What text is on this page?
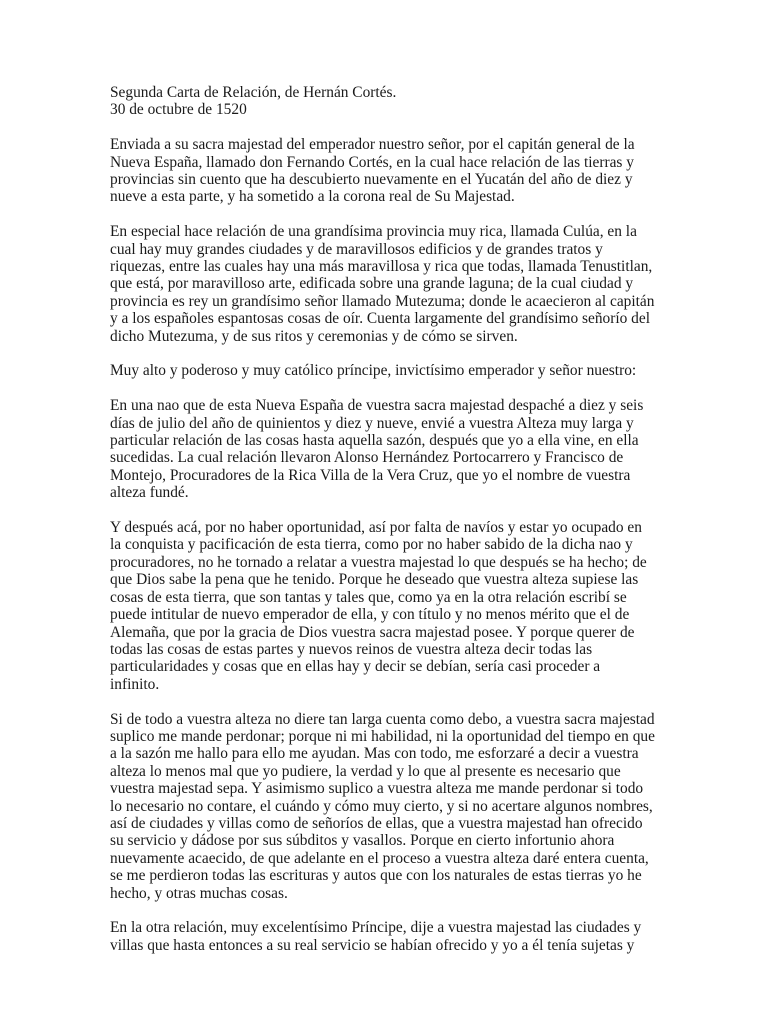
Segunda Carta de Relación, de Hernán Cortés.
30 de octubre de 1520
Enviada a su sacra majestad del emperador nuestro señor, por el capitán general de la
Nueva España, llamado don Fernando Cortés, en la cual hace relación de las tierras y
provincias sin cuento que ha descubierto nuevamente en el Yucatán del año de diez y
nueve a esta parte, y ha sometido a la corona real de Su Majestad.
En especial hace relación de una grandísima provincia muy rica, llamada Culúa, en la
cual hay muy grandes ciudades y de maravillosos edificios y de grandes tratos y
riquezas, entre las cuales hay una más maravillosa y rica que todas, llamada Tenustitlan,
que está, por maravilloso arte, edificada sobre una grande laguna; de la cual ciudad y
provincia es rey un grandísimo señor llamado Mutezuma; donde le acaecieron al capitán
y a los españoles espantosas cosas de oír. Cuenta largamente del grandísimo señorío del
dicho Mutezuma, y de sus ritos y ceremonias y de cómo se sirven.
Muy alto y poderoso y muy católico príncipe, invictísimo emperador y señor nuestro:
En una nao que de esta Nueva España de vuestra sacra majestad despaché a diez y seis
días de julio del año de quinientos y diez y nueve, envié a vuestra Alteza muy larga y
particular relación de las cosas hasta aquella sazón, después que yo a ella vine, en ella
sucedidas. La cual relación llevaron Alonso Hernández Portocarrero y Francisco de
Montejo, Procuradores de la Rica Villa de la Vera Cruz, que yo el nombre de vuestra
alteza fundé.
Y después acá, por no haber oportunidad, así por falta de navíos y estar yo ocupado en
la conquista y pacificación de esta tierra, como por no haber sabido de la dicha nao y
procuradores, no he tornado a relatar a vuestra majestad lo que después se ha hecho; de
que Dios sabe la pena que he tenido. Porque he deseado que vuestra alteza supiese las
cosas de esta tierra, que son tantas y tales que, como ya en la otra relación escribí se
puede intitular de nuevo emperador de ella, y con título y no menos mérito que el de
Alemaña, que por la gracia de Dios vuestra sacra majestad posee. Y porque querer de
todas las cosas de estas partes y nuevos reinos de vuestra alteza decir todas las
particularidades y cosas que en ellas hay y decir se debían, sería casi proceder a
infinito.
Si de todo a vuestra alteza no diere tan larga cuenta como debo, a vuestra sacra majestad
suplico me mande perdonar; porque ni mi habilidad, ni la oportunidad del tiempo en que
a la sazón me hallo para ello me ayudan. Mas con todo, me esforzaré a decir a vuestra
alteza lo menos mal que yo pudiere, la verdad y lo que al presente es necesario que
vuestra majestad sepa. Y asimismo suplico a vuestra alteza me mande perdonar si todo
lo necesario no contare, el cuándo y cómo muy cierto, y si no acertare algunos nombres,
así de ciudades y villas como de señoríos de ellas, que a vuestra majestad han ofrecido
su servicio y dádose por sus súbditos y vasallos. Porque en cierto infortunio ahora
nuevamente acaecido, de que adelante en el proceso a vuestra alteza daré entera cuenta,
se me perdieron todas las escrituras y autos que con los naturales de estas tierras yo he
hecho, y otras muchas cosas.
En la otra relación, muy excelentísimo Príncipe, dije a vuestra majestad las ciudades y
villas que hasta entonces a su real servicio se habían ofrecido y yo a él tenía sujetas y
